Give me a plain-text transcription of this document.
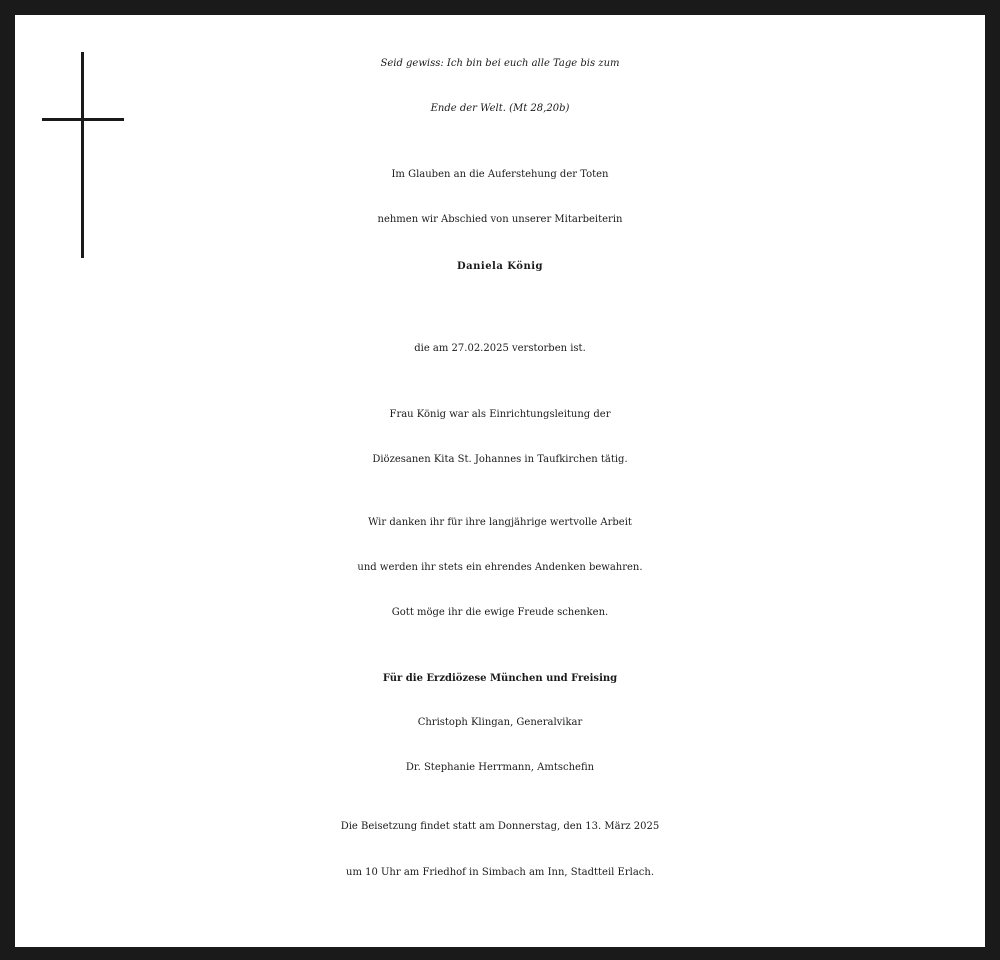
Seid gewiss: Ich bin bei euch alle Tage bis zum
Ende der Welt. (Mt 28,20b)
Im Glauben an die Auferstehung der Toten
nehmen wir Abschied von unserer Mitarbeiterin
Daniela König
die am 27.02.2025 verstorben ist.
Frau König war als Einrichtungsleitung der
Diözesanen Kita St. Johannes in Taufkirchen tätig.
Wir danken ihr für ihre langjährige wertvolle Arbeit
und werden ihr stets ein ehrendes Andenken bewahren.
Gott möge ihr die ewige Freude schenken.
Für die Erzdiözese München und Freising
Christoph Klingan, Generalvikar
Dr. Stephanie Herrmann, Amtschefin
Die Beisetzung findet statt am Donnerstag, den 13. März 2025
um 10 Uhr am Friedhof in Simbach am Inn, Stadtteil Erlach.
